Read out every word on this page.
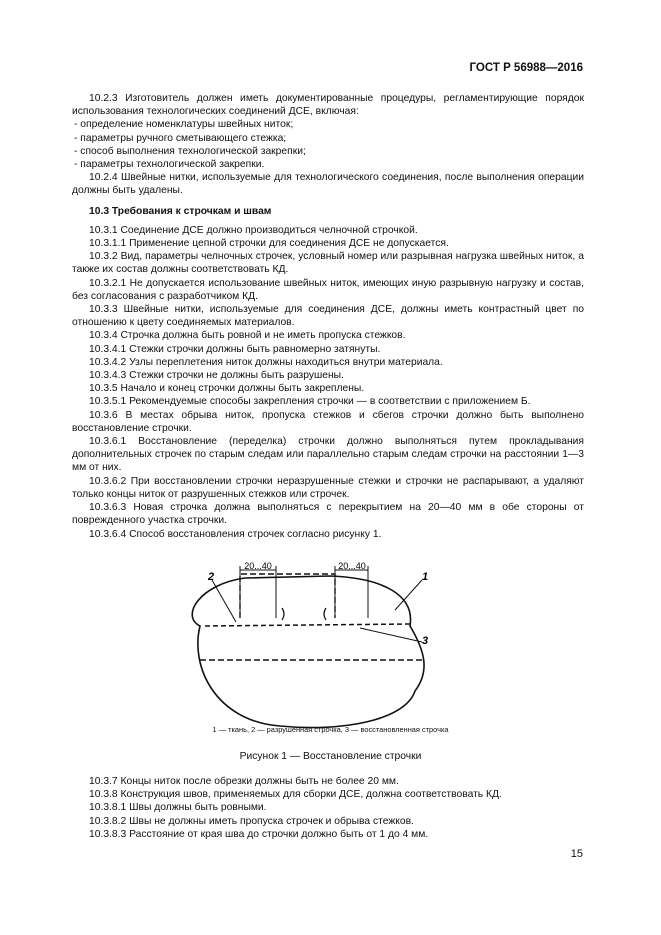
ГОСТ Р 56988—2016

10.2.3 Изготовитель должен иметь документированные процедуры, регламентирующие порядок использования технологических соединений ДСЕ, включая:

- определение номенклатуры швейных ниток;

- параметры ручного сметывающего стежка;

- способ выполнения технологической закрепки;

- параметры технологической закрепки.

10.2.4 Швейные нитки, используемые для технологического соединения, после выполнения операции должны быть удалены.

10.3 Требования к строчкам и швам

10.3.1 Соединение ДСЕ должно производиться челночной строчкой.

10.3.1.1 Применение цепной строчки для соединения ДСЕ не допускается.

10.3.2 Вид, параметры челночных строчек, условный номер или разрывная нагрузка швейных ниток, а также их состав должны соответствовать КД.

10.3.2.1 Не допускается использование швейных ниток, имеющих иную разрывную нагрузку и состав, без согласования с разработчиком КД.

10.3.3 Швейные нитки, используемые для соединения ДСЕ, должны иметь контрастный цвет по отношению к цвету соединяемых материалов.

10.3.4 Строчка должна быть ровной и не иметь пропуска стежков.

10.3.4.1 Стежки строчки должны быть равномерно затянуты.

10.3.4.2 Узлы переплетения ниток должны находиться внутри материала.

10.3.4.3 Стежки строчки не должны быть разрушены.

10.3.5 Начало и конец строчки должны быть закреплены.

10.3.5.1 Рекомендуемые способы закрепления строчки — в соответствии с приложением Б.

10.3.6 В местах обрыва ниток, пропуска стежков и сбегов строчки должно быть выполнено восстановление строчки.

10.3.6.1 Восстановление (переделка) строчки должно выполняться путем прокладывания дополнительных строчек по старым следам или параллельно старым следам строчки на расстоянии 1—3 мм от них.

10.3.6.2 При восстановлении строчки неразрушенные стежки и строчки не распарывают, а удаляют только концы ниток от разрушенных стежков или строчек.

10.3.6.3 Новая строчка должна выполняться с перекрытием на 20—40 мм в обе стороны от поврежденного участка строчки.

10.3.6.4 Способ восстановления строчек согласно рисунку 1.

20...40	20...40
2	1
3
1 — ткань, 2 — разрушенная строчка, 3 — восстановленная строчка
Рисунок 1 — Восстановление строчки

10.3.7 Концы ниток после обрезки должны быть не более 20 мм.

10.3.8 Конструкция швов, применяемых для сборки ДСЕ, должна соответствовать КД.

10.3.8.1 Швы должны быть ровными.

10.3.8.2 Швы не должны иметь пропуска строчек и обрыва стежков.

10.3.8.3 Расстояние от края шва до строчки должно быть от 1 до 4 мм.

15
